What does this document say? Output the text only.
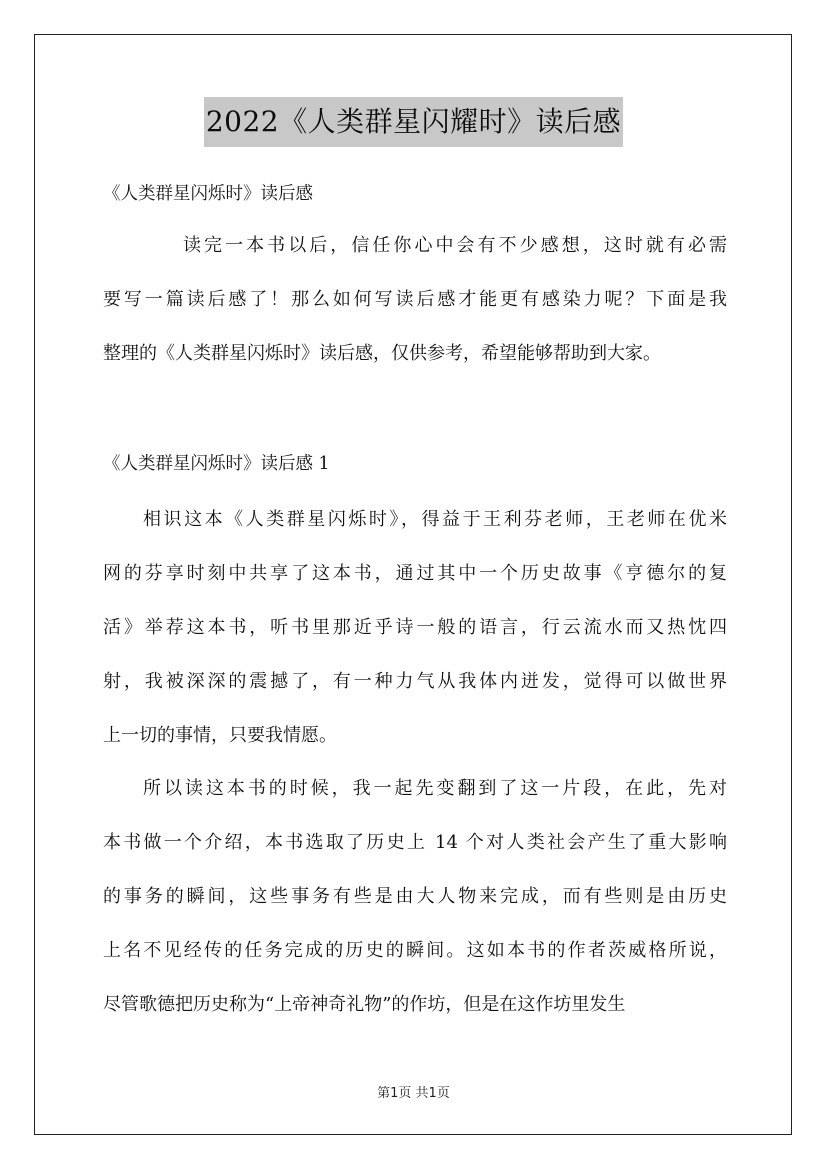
2022《人类群星闪耀时》读后感
《人类群星闪烁时》读后感
读完一本书以后，信任你心中会有不少感想，这时就有必需
要写一篇读后感了！那么如何写读后感才能更有感染力呢？下面是我
整理的《人类群星闪烁时》读后感，仅供参考，希望能够帮助到大家。
《人类群星闪烁时》读后感 1
相识这本《人类群星闪烁时》，得益于王利芬老师，王老师在优米
网的芬享时刻中共享了这本书，通过其中一个历史故事《亨德尔的复
活》举荐这本书，听书里那近乎诗一般的语言，行云流水而又热忱四
射，我被深深的震撼了，有一种力气从我体内迸发，觉得可以做世界
上一切的事情，只要我情愿。
所以读这本书的时候，我一起先变翻到了这一片段，在此，先对
本书做一个介绍，本书选取了历史上 14 个对人类社会产生了重大影响
的事务的瞬间，这些事务有些是由大人物来完成，而有些则是由历史
上名不见经传的任务完成的历史的瞬间。这如本书的作者茨威格所说，
尽管歌德把历史称为“上帝神奇礼物”的作坊，但是在这作坊里发生
第1页 共1页
